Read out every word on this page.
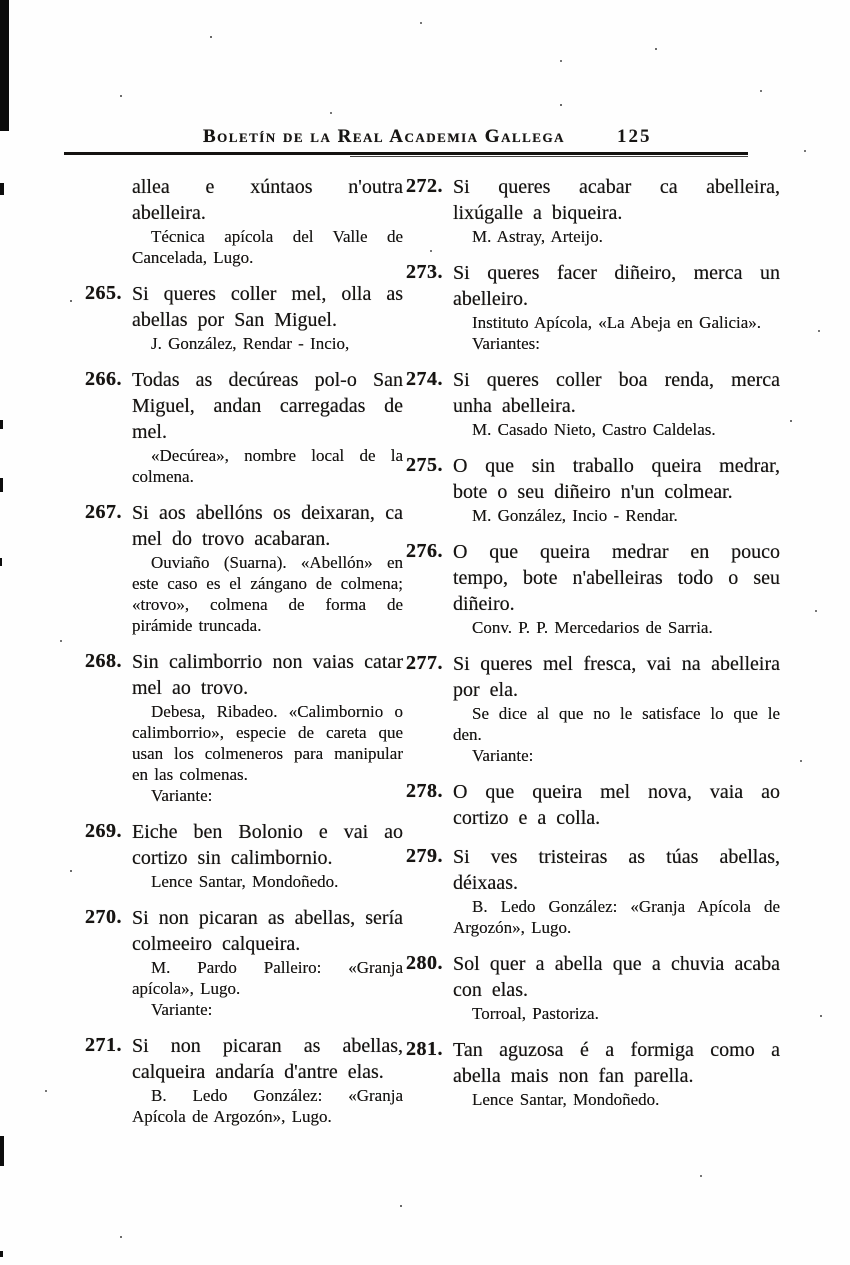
Boletín de la Real Academia Gallega	125

allea e xúntaos n'outra abelleira.

Técnica apícola del Valle de Cancelada, Lugo.

265. Si queres coller mel, olla as abellas por San Miguel.

J. González, Rendar - Incio,

266. Todas as decúreas pol-o San Miguel, andan carregadas de mel.

«Decúrea», nombre local de la colmena.

267. Si aos abellóns os deixaran, ca mel do trovo acabaran.

Ouviaño (Suarna). «Abellón» en este caso es el zángano de colmena; «trovo», colmena de forma de pirámide truncada.

268. Sin calimborrio non vaias catar mel ao trovo.

Debesa, Ribadeo. «Calimbornio o calimborrio», especie de careta que usan los colmeneros para manipular en las colmenas.

Variante:

269. Eiche ben Bolonio e vai ao cortizo sin calimbornio.

Lence Santar, Mondoñedo.

270. Si non picaran as abellas, sería colmeeiro calqueira.

M. Pardo Palleiro: «Granja apícola», Lugo.

Variante:

271. Si non picaran as abellas, calqueira andaría d'antre elas.

B. Ledo González: «Granja Apícola de Argozón», Lugo.

272. Si queres acabar ca abelleira, lixúgalle a biqueira.

M. Astray, Arteijo.

273. Si queres facer diñeiro, merca un abelleiro.

Instituto Apícola, «La Abeja en Galicia».

Variantes:

274. Si queres coller boa renda, merca unha abelleira.

M. Casado Nieto, Castro Caldelas.

275. O que sin traballo queira medrar, bote o seu diñeiro n'un colmear.

M. González, Incio - Rendar.

276. O que queira medrar en pouco tempo, bote n'abelleiras todo o seu diñeiro.

Conv. P. P. Mercedarios de Sarria.

277. Si queres mel fresca, vai na abelleira por ela.

Se dice al que no le satisface lo que le den.

Variante:

278. O que queira mel nova, vaia ao cortizo e a colla.

279. Si ves tristeiras as túas abellas, déixaas.

B. Ledo González: «Granja Apícola de Argozón», Lugo.

280. Sol quer a abella que a chuvia acaba con elas.

Torroal, Pastoriza.

281. Tan aguzosa é a formiga como a abella mais non fan parella.

Lence Santar, Mondoñedo.
